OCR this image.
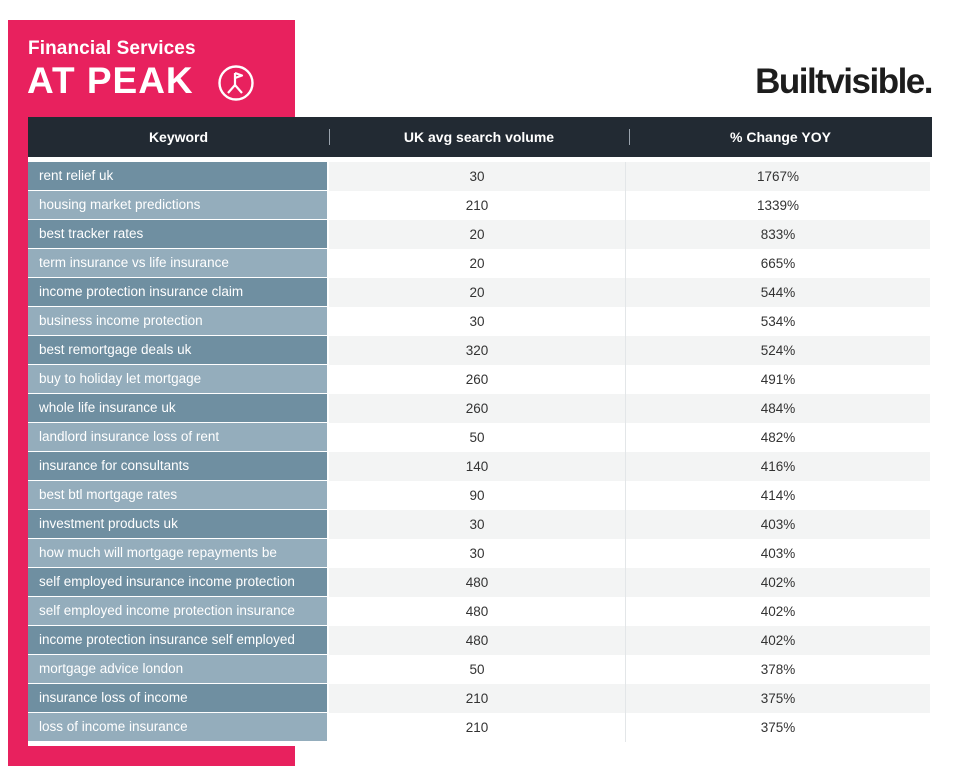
Financial Services
AT PEAK	Builtvisible.
Keyword	UK avg search volume	% Change YOY
rent relief uk	30	1767%
housing market predictions	210	1339%
best tracker rates	20	833%
term insurance vs life insurance	20	665%
income protection insurance claim	20	544%
business income protection	30	534%
best remortgage deals uk	320	524%
buy to holiday let mortgage	260	491%
whole life insurance uk	260	484%
landlord insurance loss of rent	50	482%
insurance for consultants	140	416%
best btl mortgage rates	90	414%
investment products uk	30	403%
how much will mortgage repayments be	30	403%
self employed insurance income protection	480	402%
self employed income protection insurance	480	402%
income protection insurance self employed	480	402%
mortgage advice london	50	378%
insurance loss of income	210	375%
loss of income insurance	210	375%
